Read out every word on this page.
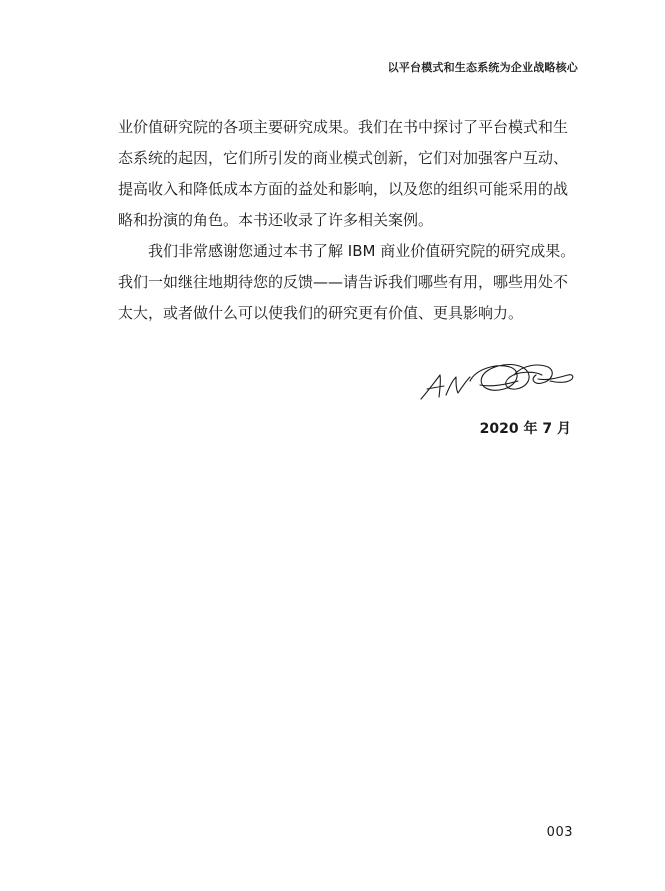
以平台模式和生态系统为企业战略核心

业价值研究院的各项主要研究成果。我们在书中探讨了平台模式和生
态系统的起因，它们所引发的商业模式创新，它们对加强客户互动、
提高收入和降低成本方面的益处和影响，以及您的组织可能采用的战
略和扮演的角色。本书还收录了许多相关案例。

我们非常感谢您通过本书了解 IBM 商业价值研究院的研究成果。
我们一如继往地期待您的反馈——请告诉我们哪些有用，哪些用处不
太大，或者做什么可以使我们的研究更有价值、更具影响力。

2020 年 7 月
003
